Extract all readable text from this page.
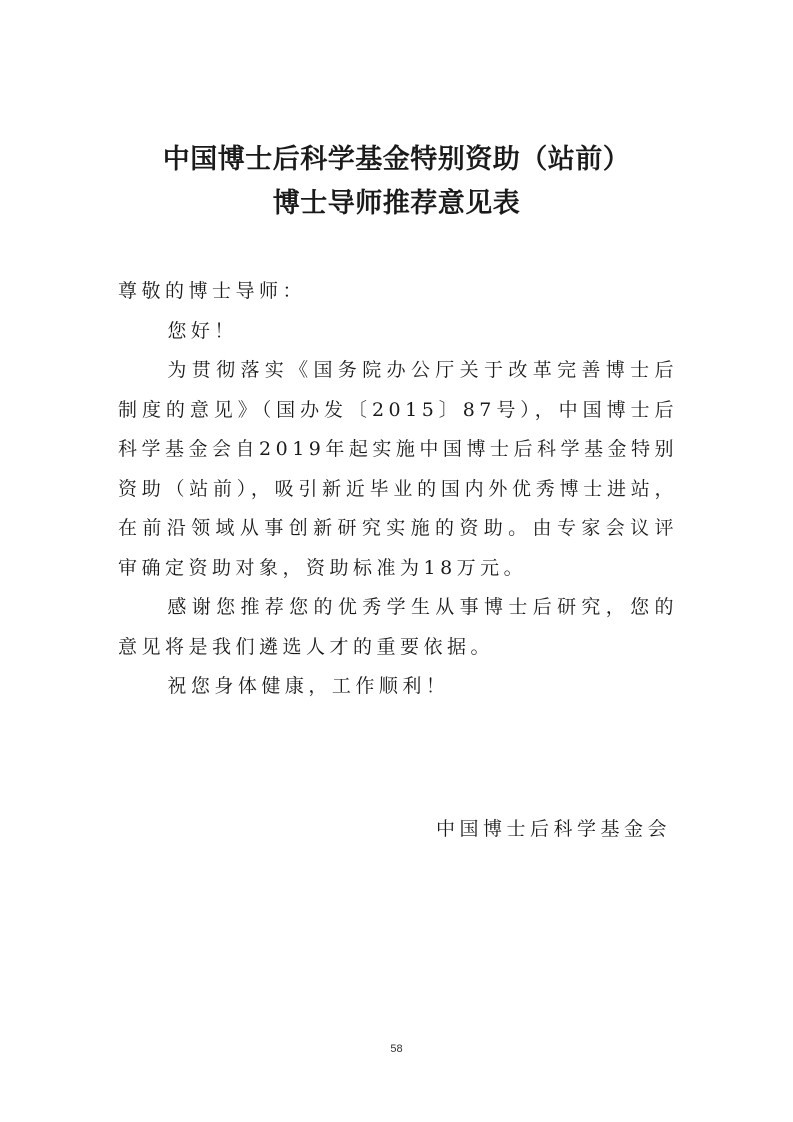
中国博士后科学基金特别资助（站前）
博士导师推荐意见表

尊敬的博士导师：

您好！

为贯彻落实《国务院办公厅关于改革完善博士后制度的意见》（国办发〔2015〕87号），中国博士后科学基金会自2019年起实施中国博士后科学基金特别资助（站前），吸引新近毕业的国内外优秀博士进站，在前沿领域从事创新研究实施的资助。由专家会议评审确定资助对象，资助标准为18万元。

感谢您推荐您的优秀学生从事博士后研究，您的意见将是我们遴选人才的重要依据。

祝您身体健康，工作顺利！

中国博士后科学基金会
58
